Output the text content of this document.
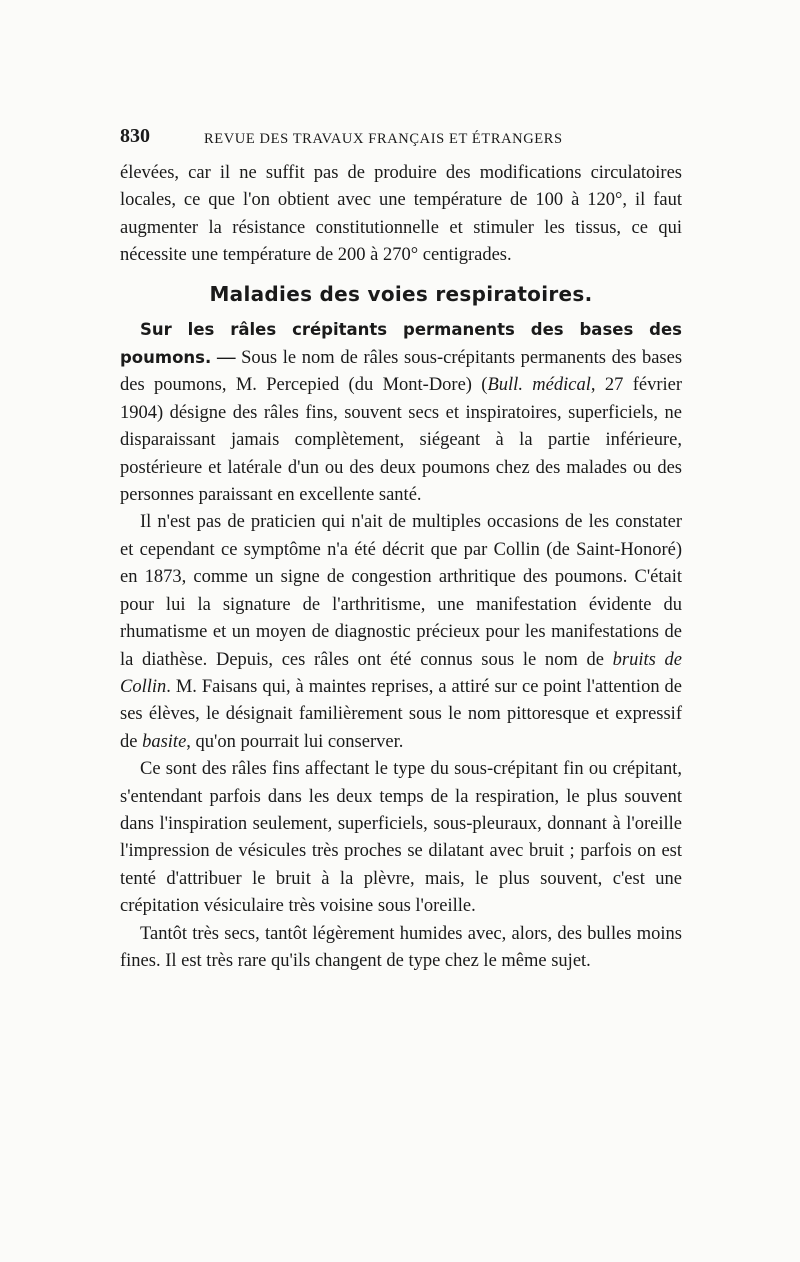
830	REVUE DES TRAVAUX FRANÇAIS ET ÉTRANGERS

élevées, car il ne suffit pas de produire des modifications circulatoires locales, ce que l'on obtient avec une température de 100 à 120°, il faut augmenter la résistance constitutionnelle et stimuler les tissus, ce qui nécessite une température de 200 à 270° centigrades.

Maladies des voies respiratoires.

Sur les râles crépitants permanents des bases des poumons. — Sous le nom de râles sous-crépitants permanents des bases des poumons, M. Percepied (du Mont-Dore) (Bull. médical, 27 février 1904) désigne des râles fins, souvent secs et inspiratoires, superficiels, ne disparaissant jamais complètement, siégeant à la partie inférieure, postérieure et latérale d'un ou des deux poumons chez des malades ou des personnes paraissant en excellente santé.

Il n'est pas de praticien qui n'ait de multiples occasions de les constater et cependant ce symptôme n'a été décrit que par Collin (de Saint-Honoré) en 1873, comme un signe de congestion arthritique des poumons. C'était pour lui la signature de l'arthritisme, une manifestation évidente du rhumatisme et un moyen de diagnostic précieux pour les manifestations de la diathèse. Depuis, ces râles ont été connus sous le nom de bruits de Collin. M. Faisans qui, à maintes reprises, a attiré sur ce point l'attention de ses élèves, le désignait familièrement sous le nom pittoresque et expressif de basite, qu'on pourrait lui conserver.

Ce sont des râles fins affectant le type du sous-crépitant fin ou crépitant, s'entendant parfois dans les deux temps de la respiration, le plus souvent dans l'inspiration seulement, superficiels, sous-pleuraux, donnant à l'oreille l'impression de vésicules très proches se dilatant avec bruit ; parfois on est tenté d'attribuer le bruit à la plèvre, mais, le plus souvent, c'est une crépitation vésiculaire très voisine sous l'oreille.

Tantôt très secs, tantôt légèrement humides avec, alors, des bulles moins fines. Il est très rare qu'ils changent de type chez le même sujet.
